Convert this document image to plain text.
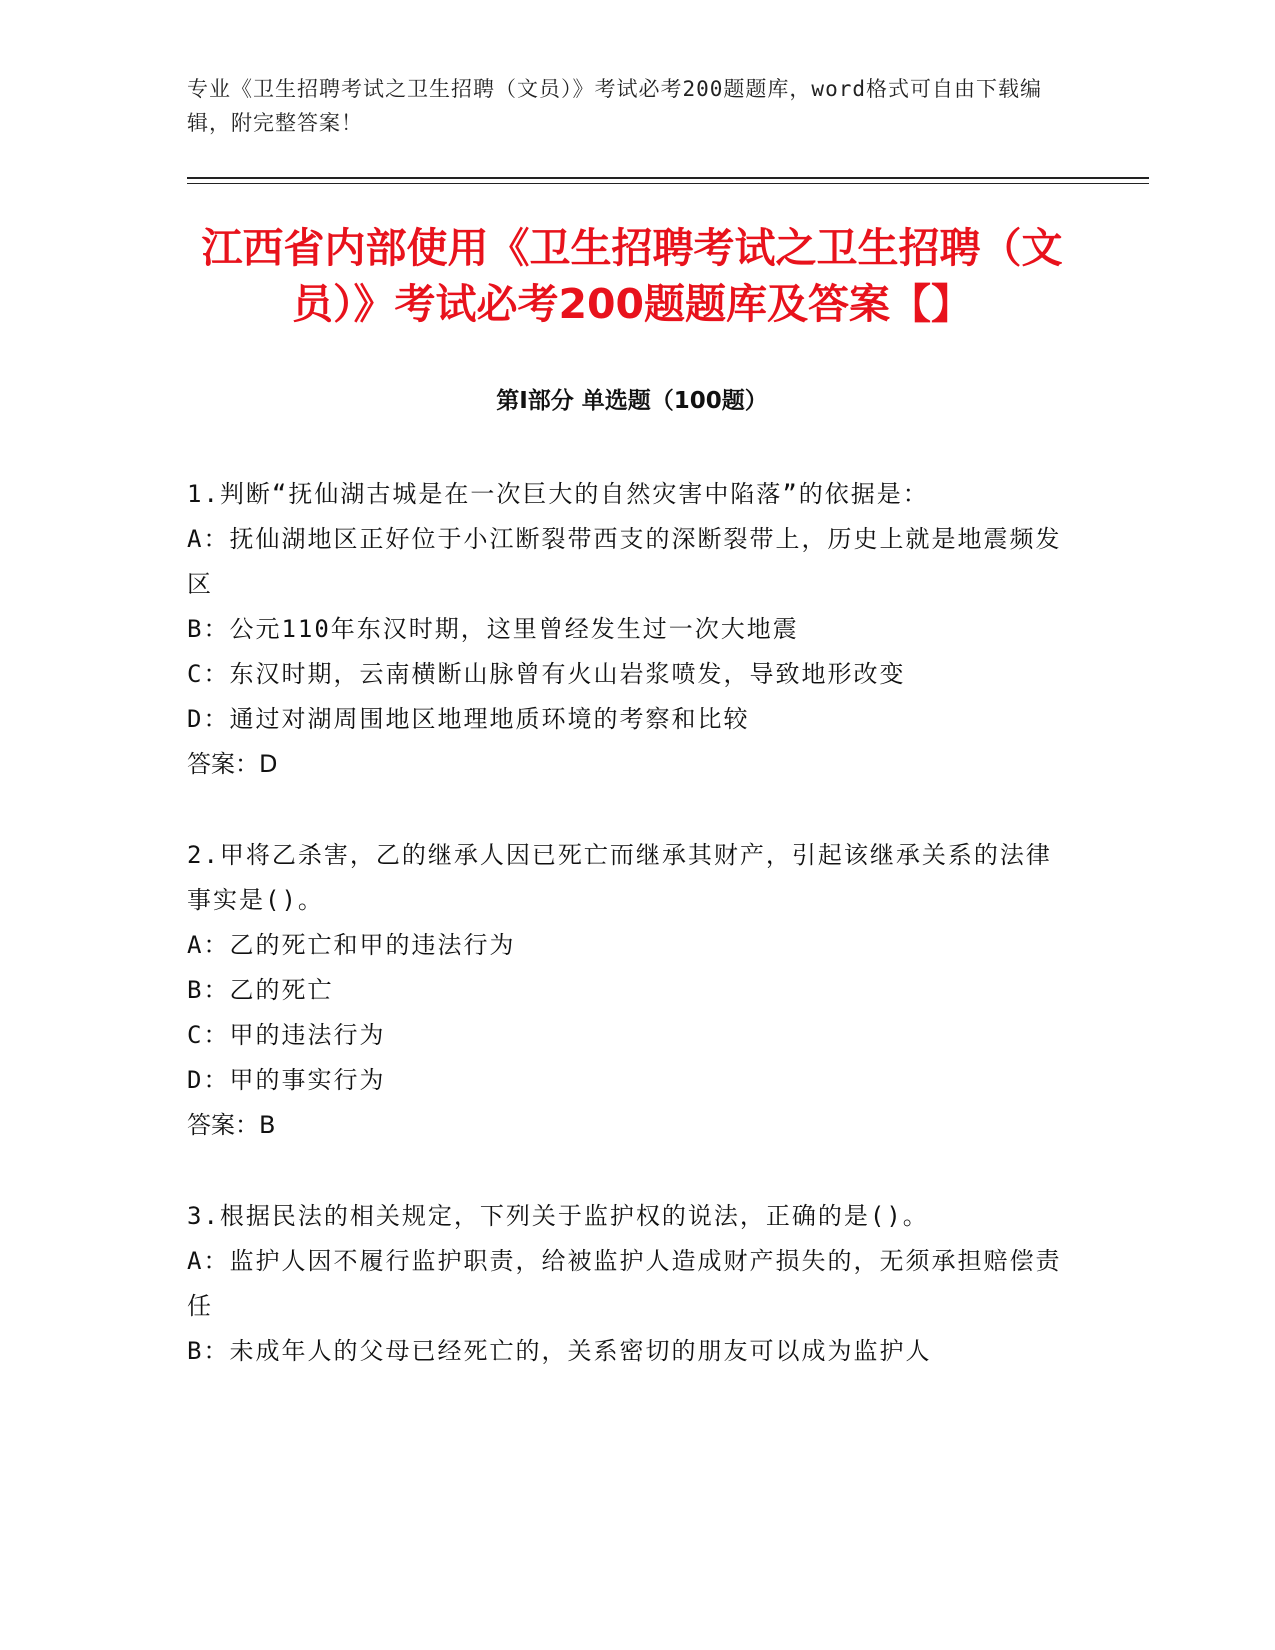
专业《卫生招聘考试之卫生招聘（文员）》考试必考200题题库，word格式可自由下载编辑，附完整答案！
江西省内部使用《卫生招聘考试之卫生招聘（文员）》考试必考200题题库及答案【】
第I部分 单选题（100题）
1.判断“抚仙湖古城是在一次巨大的自然灾害中陷落”的依据是：
A：抚仙湖地区正好位于小江断裂带西支的深断裂带上，历史上就是地震频发区
B：公元110年东汉时期，这里曾经发生过一次大地震
C：东汉时期，云南横断山脉曾有火山岩浆喷发，导致地形改变
D：通过对湖周围地区地理地质环境的考察和比较
答案：D
2.甲将乙杀害，乙的继承人因已死亡而继承其财产，引起该继承关系的法律事实是()。
A：乙的死亡和甲的违法行为
B：乙的死亡
C：甲的违法行为
D：甲的事实行为
答案：B
3.根据民法的相关规定，下列关于监护权的说法，正确的是()。
A：监护人因不履行监护职责，给被监护人造成财产损失的，无须承担赔偿责任
B：未成年人的父母已经死亡的，关系密切的朋友可以成为监护人
